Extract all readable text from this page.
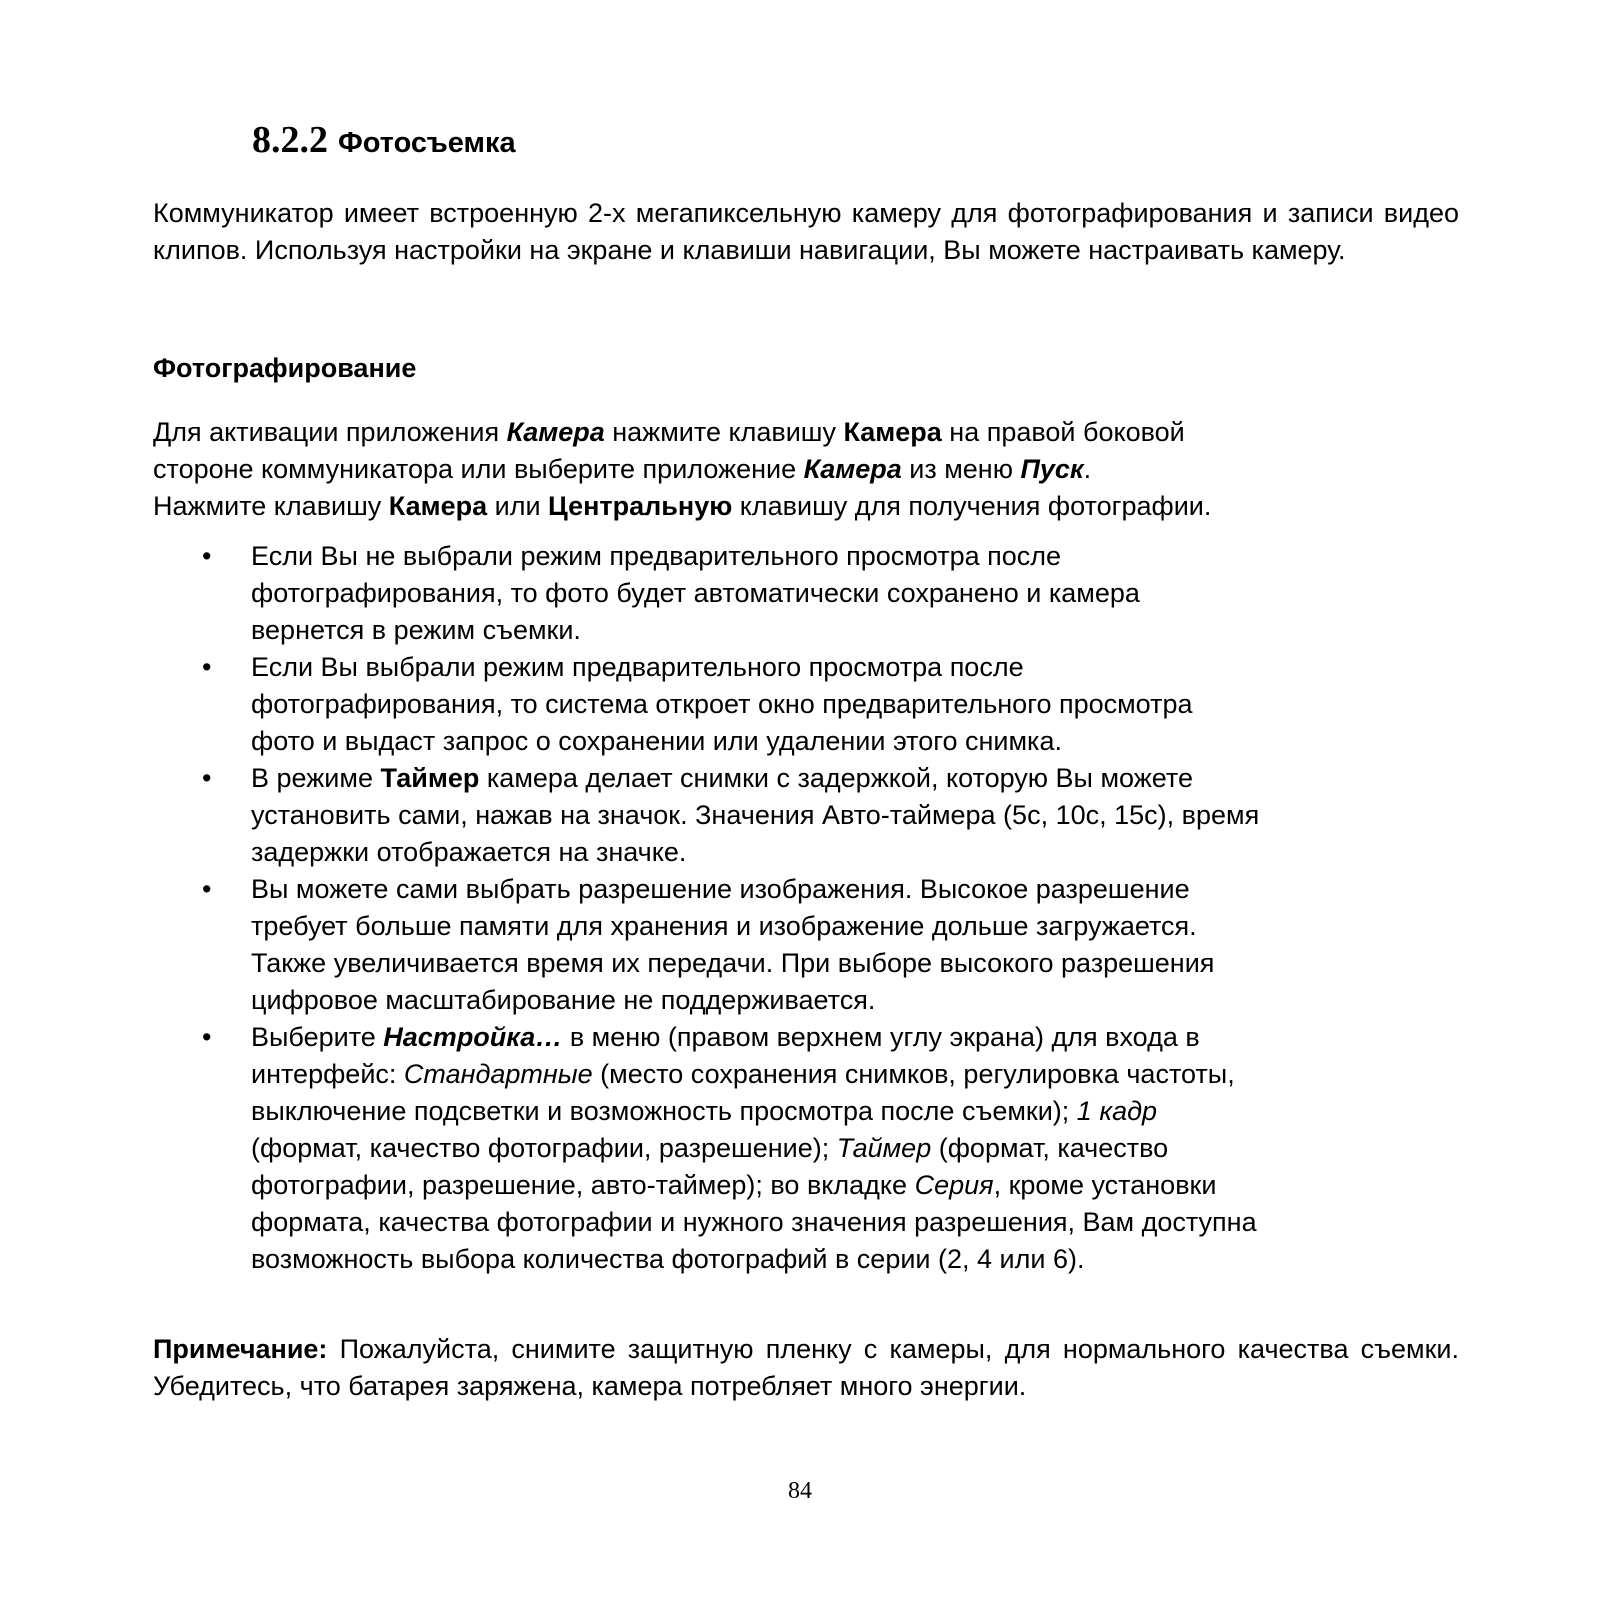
8.2.2 Фотосъемка
Коммуникатор имеет встроенную 2-х мегапиксельную камеру для фотографирования и записи видео клипов. Используя настройки на экране и клавиши навигации, Вы можете настраивать камеру.
Фотографирование
Для активации приложения Камера нажмите клавишу Камера на правой боковой
стороне коммуникатора или выберите приложение Камера из меню Пуск.
Нажмите клавишу Камера или Центральную клавишу для получения фотографии.
• Если Вы не выбрали режим предварительного просмотра после
фотографирования, то фото будет автоматически сохранено и камера
вернется в режим съемки.
• Если Вы выбрали режим предварительного просмотра после
фотографирования, то система откроет окно предварительного просмотра
фото и выдаст запрос о сохранении или удалении этого снимка.
• В режиме Таймер камера делает снимки с задержкой, которую Вы можете
установить сами, нажав на значок. Значения Авто-таймера (5с, 10с, 15с), время
задержки отображается на значке.
• Вы можете сами выбрать разрешение изображения. Высокое разрешение
требует больше памяти для хранения и изображение дольше загружается.
Также увеличивается время их передачи. При выборе высокого разрешения
цифровое масштабирование не поддерживается.
• Выберите Настройка… в меню (правом верхнем углу экрана) для входа в
интерфейс: Стандартные (место сохранения снимков, регулировка частоты,
выключение подсветки и возможность просмотра после съемки); 1 кадр
(формат, качество фотографии, разрешение); Таймер (формат, качество
фотографии, разрешение, авто-таймер); во вкладке Серия, кроме установки
формата, качества фотографии и нужного значения разрешения, Вам доступна
возможность выбора количества фотографий в серии (2, 4 или 6).
Примечание: Пожалуйста, снимите защитную пленку с камеры, для нормального качества съемки. Убедитесь, что батарея заряжена, камера потребляет много энергии.
84
